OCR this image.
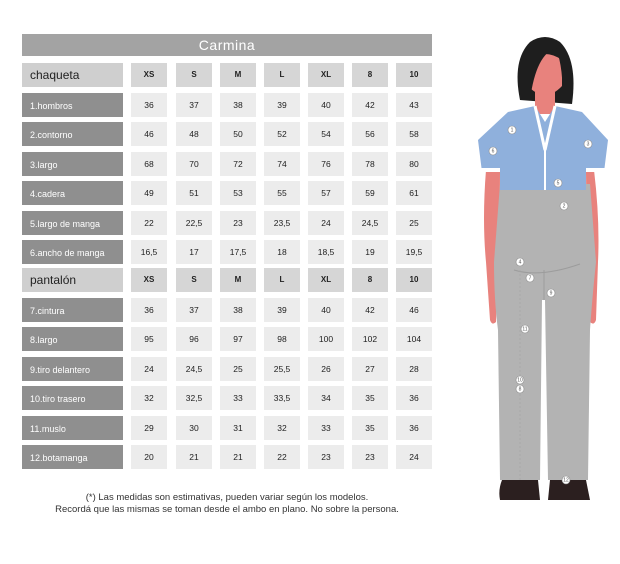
Carmina
chaqueta	XS	S	M	L	XL	8	10
1.hombros	36	37	38	39	40	42	43
2.contorno	46	48	50	52	54	56	58
3.largo	68	70	72	74	76	78	80
4.cadera	49	51	53	55	57	59	61
5.largo de manga	22	22,5	23	23,5	24	24,5	25
6.ancho de manga	16,5	17	17,5	18	18,5	19	19,5
pantalón	XS	S	M	L	XL	8	10
7.cintura	36	37	38	39	40	42	46
8.largo	95	96	97	98	100	102	104
9.tiro delantero	24	24,5	25	25,5	26	27	28
10.tiro trasero	32	32,5	33	33,5	34	35	36
11.muslo	29	30	31	32	33	35	36
12.botamanga	20	21	21	22	23	23	24
(*) Las medidas son estimativas, pueden variar según los modelos.
Recordá que las mismas se toman desde el ambo en plano. No sobre la persona.
1
2
3
4
5
6
7
8
9
10
11
12
